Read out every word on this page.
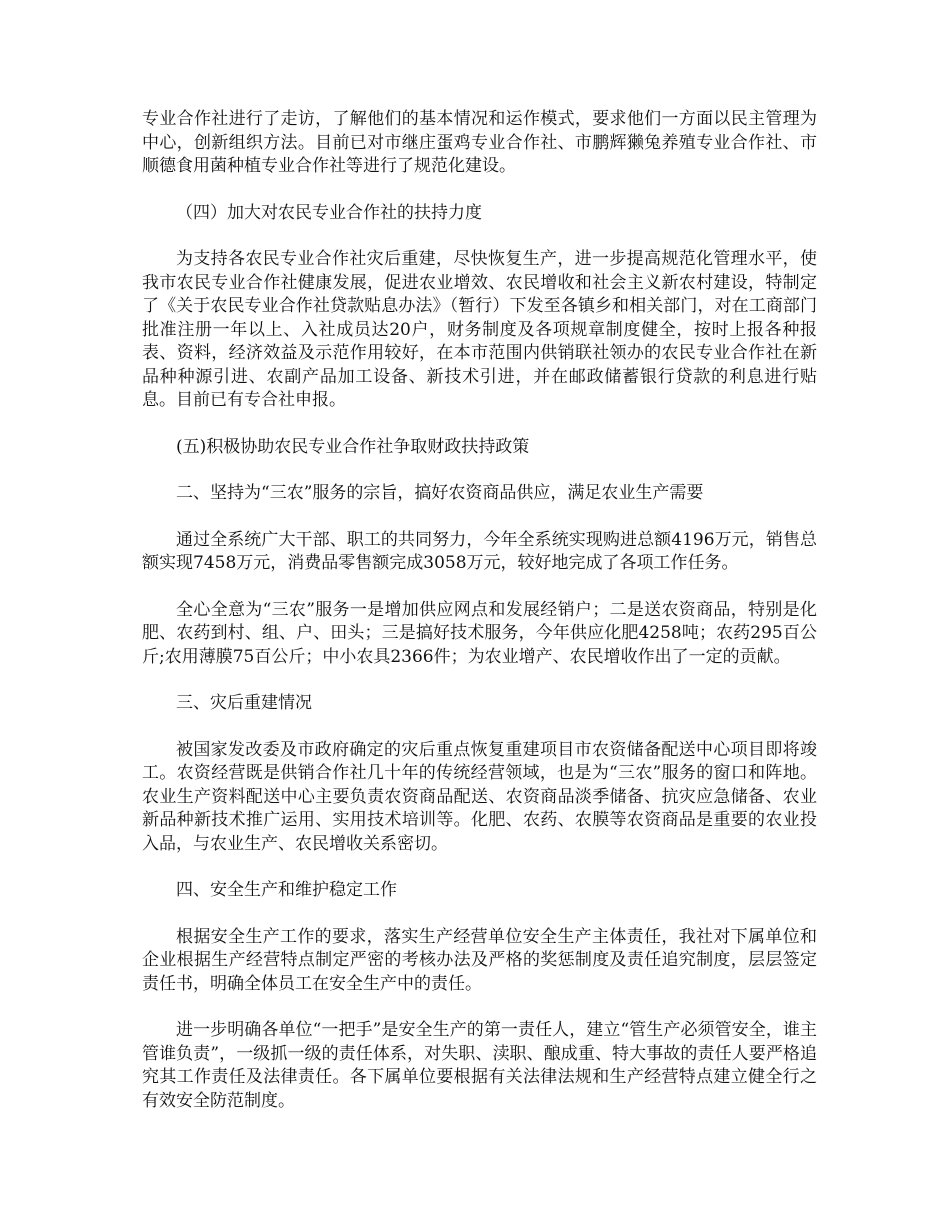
专业合作社进行了走访，了解他们的基本情况和运作模式，要求他们一方面以民主管理为中心，创新组织方法。目前已对市继庄蛋鸡专业合作社、市鹏辉獭兔养殖专业合作社、市顺德食用菌种植专业合作社等进行了规范化建设。

（四）加大对农民专业合作社的扶持力度

为支持各农民专业合作社灾后重建，尽快恢复生产，进一步提高规范化管理水平，使我市农民专业合作社健康发展，促进农业增效、农民增收和社会主义新农村建设，特制定了《关于农民专业合作社贷款贴息办法》（暂行）下发至各镇乡和相关部门，对在工商部门批准注册一年以上、入社成员达20户，财务制度及各项规章制度健全，按时上报各种报表、资料，经济效益及示范作用较好，在本市范围内供销联社领办的农民专业合作社在新品种种源引进、农副产品加工设备、新技术引进，并在邮政储蓄银行贷款的利息进行贴息。目前已有专合社申报。

(五)积极协助农民专业合作社争取财政扶持政策

二、坚持为“三农”服务的宗旨，搞好农资商品供应，满足农业生产需要

通过全系统广大干部、职工的共同努力，今年全系统实现购进总额4196万元，销售总额实现7458万元，消费品零售额完成3058万元，较好地完成了各项工作任务。

全心全意为“三农”服务一是增加供应网点和发展经销户；二是送农资商品，特别是化肥、农药到村、组、户、田头；三是搞好技术服务，今年供应化肥4258吨；农药295百公斤;农用薄膜75百公斤；中小农具2366件；为农业增产、农民增收作出了一定的贡献。

三、灾后重建情况

被国家发改委及市政府确定的灾后重点恢复重建项目市农资储备配送中心项目即将竣工。农资经营既是供销合作社几十年的传统经营领域，也是为“三农”服务的窗口和阵地。农业生产资料配送中心主要负责农资商品配送、农资商品淡季储备、抗灾应急储备、农业新品种新技术推广运用、实用技术培训等。化肥、农药、农膜等农资商品是重要的农业投入品，与农业生产、农民增收关系密切。

四、安全生产和维护稳定工作

根据安全生产工作的要求，落实生产经营单位安全生产主体责任，我社对下属单位和企业根据生产经营特点制定严密的考核办法及严格的奖惩制度及责任追究制度，层层签定责任书，明确全体员工在安全生产中的责任。

进一步明确各单位“一把手”是安全生产的第一责任人，建立“管生产必须管安全，谁主管谁负责”，一级抓一级的责任体系，对失职、渎职、酿成重、特大事故的责任人要严格追究其工作责任及法律责任。各下属单位要根据有关法律法规和生产经营特点建立健全行之有效安全防范制度。
